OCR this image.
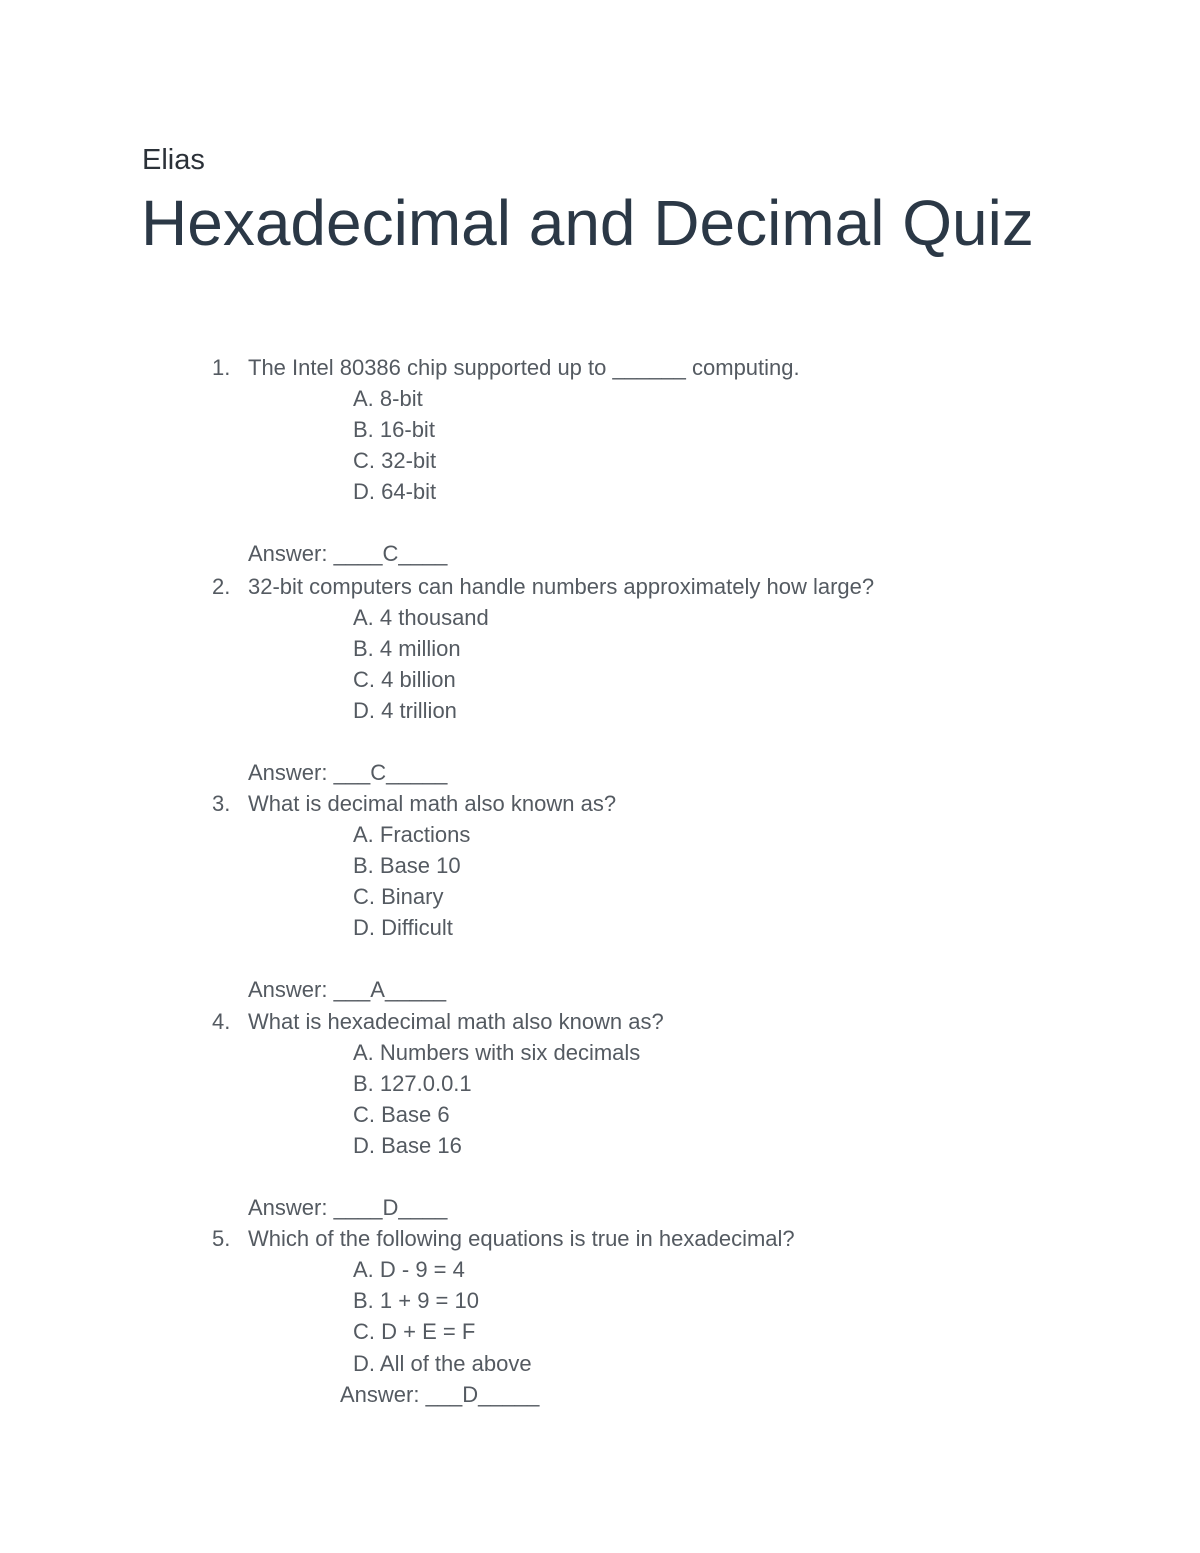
Elias
Hexadecimal and Decimal Quiz
1. The Intel 80386 chip supported up to ______ computing.
A. 8-bit
B. 16-bit
C. 32-bit
D. 64-bit
Answer: ____C____
2. 32-bit computers can handle numbers approximately how large?
A. 4 thousand
B. 4 million
C. 4 billion
D. 4 trillion
Answer: ___C_____
3. What is decimal math also known as?
A. Fractions
B. Base 10
C. Binary
D. Difficult
Answer: ___A_____
4. What is hexadecimal math also known as?
A. Numbers with six decimals
B. 127.0.0.1
C. Base 6
D. Base 16
Answer: ____D____
5. Which of the following equations is true in hexadecimal?
A. D - 9 = 4
B. 1 + 9 = 10
C. D + E = F
D. All of the above
Answer: ___D_____
